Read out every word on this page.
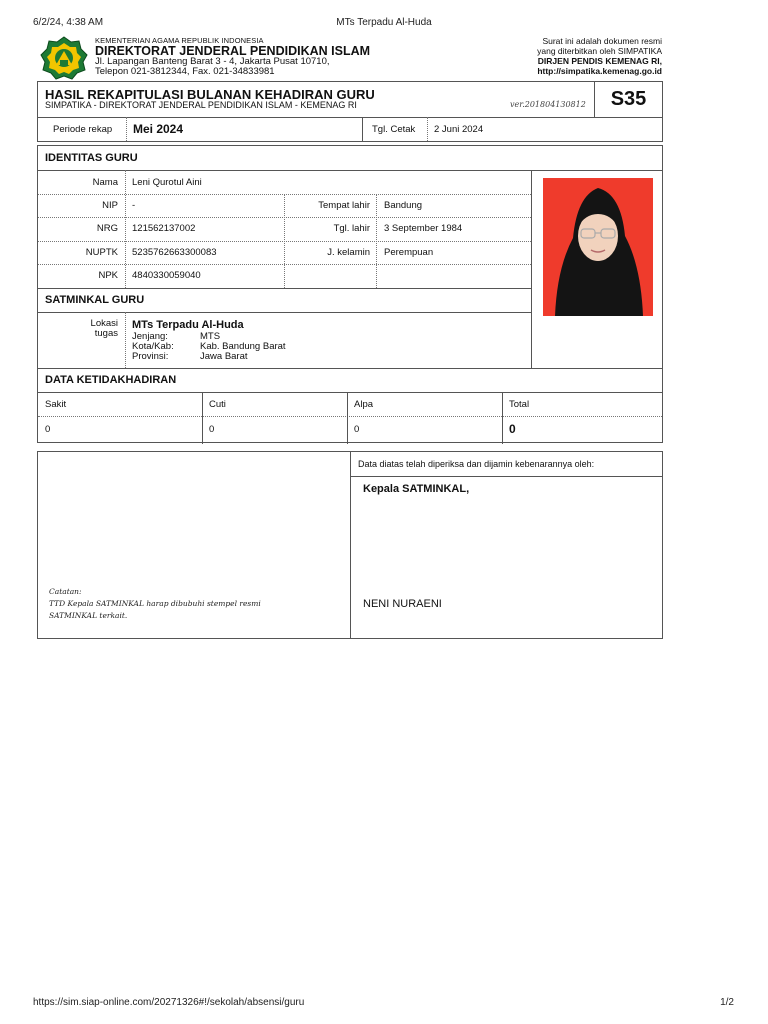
6/2/24, 4:38 AM	MTs Terpadu Al-Huda
KEMENTERIAN AGAMA REPUBLIK INDONESIA
DIREKTORAT JENDERAL PENDIDIKAN ISLAM
Jl. Lapangan Banteng Barat 3 - 4, Jakarta Pusat 10710,
Telepon 021-3812344, Fax. 021-34833981
Surat ini adalah dokumen resmi
yang diterbitkan oleh SIMPATIKA
DIRJEN PENDIS KEMENAG RI,
http://simpatika.kemenag.go.id
HASIL REKAPITULASI BULANAN KEHADIRAN GURU
SIMPATIKA - DIREKTORAT JENDERAL PENDIDIKAN ISLAM - KEMENAG RI	ver.201804130812	S35
Periode rekap Mei 2024	Tgl. Cetak 2 Juni 2024
IDENTITAS GURU
Nama Leni Qurotul Aini
NIP -	Tempat lahir Bandung
NRG 121562137002	Tgl. lahir 3 September 1984
NUPTK 5235762663300083	J. kelamin Perempuan
NPK 4840330059040
SATMINKAL GURU
Lokasi
tugas
MTs Terpadu Al-Huda
Jenjang:	MTS
Kota/Kab:	Kab. Bandung Barat
Provinsi:	Jawa Barat
DATA KETIDAKHADIRAN
Sakit	Cuti	Alpa	Total
0	0	0	0
Data diatas telah diperiksa dan dijamin kebenarannya oleh:
Kepala SATMINKAL,
NENI NURAENI
Catatan:
TTD Kepala SATMINKAL harap dibubuhi stempel resmi
SATMINKAL terkait.
https://sim.siap-online.com/20271326#!/sekolah/absensi/guru	1/2
